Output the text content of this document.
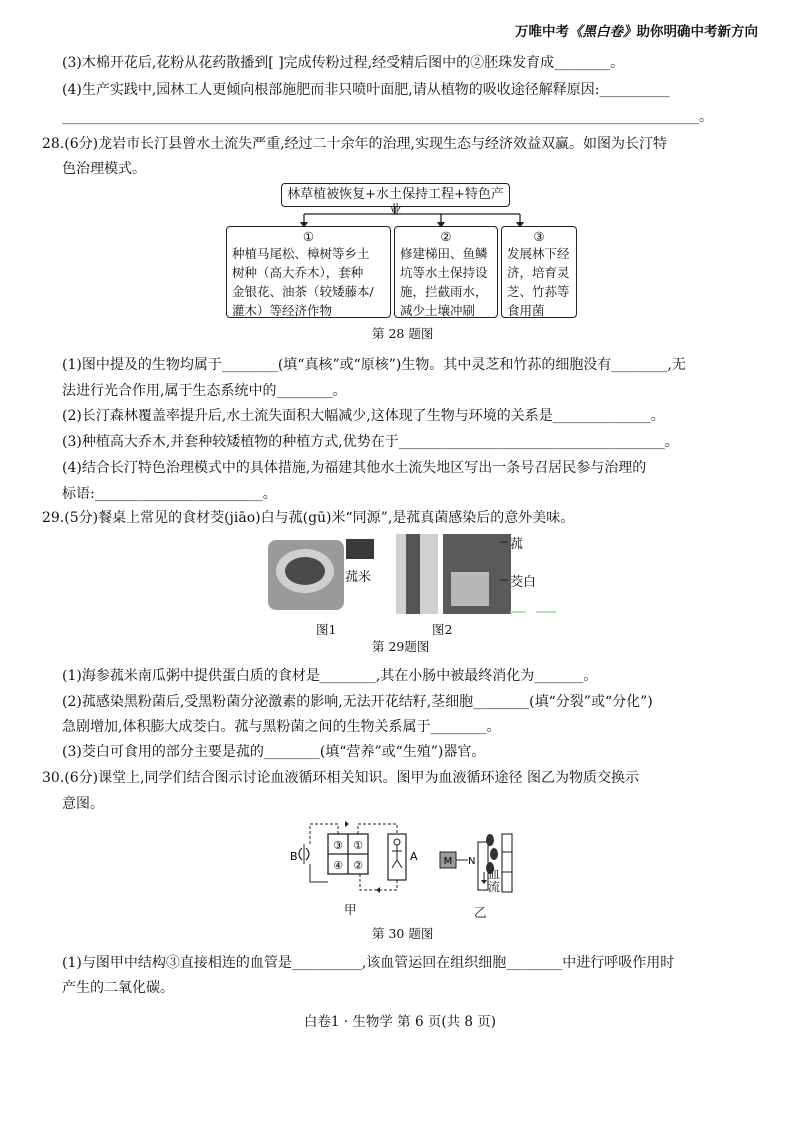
万唯中考《黑白卷》助你明确中考新方向
(3)木棉开花后,花粉从花药散播到[ ]完成传粉过程,经受精后图中的②胚珠发育成________。
(4)生产实践中,园林工人更倾向根部施肥而非只喷叶面肥,请从植物的吸收途径解释原因:__________
___________________________________________________________________________________________。
28.(6分)龙岩市长汀县曾水土流失严重,经过二十余年的治理,实现生态与经济效益双赢。如图为长汀特
色治理模式。
林草植被恢复+水土保持工程+特色产业
①
种植马尾松、樟树等乡土
树种（高大乔木），套种
金银花、油茶（较矮藤本/
灌木）等经济作物
②
修建梯田、鱼鳞
坑等水土保持设
施，拦截雨水，
减少土壤冲刷
③
发展林下经
济，培育灵
芝、竹荪等
食用菌
第 28 题图
(1)图中提及的生物均属于________(填“真核”或“原核”)生物。其中灵芝和竹荪的细胞没有________,无
法进行光合作用,属于生态系统中的________。
(2)长汀森林覆盖率提升后,水土流失面积大幅减少,这体现了生物与环境的关系是______________。
(3)种植高大乔木,并套种较矮植物的种植方式,优势在于______________________________________。
(4)结合长汀特色治理模式中的具体措施,为福建其他水土流失地区写出一条号召居民参与治理的
标语:________________________。
29.(5分)餐桌上常见的食材茭(jiāo)白与菰(gū)米“同源”,是菰真菌感染后的意外美味。
菰米
菰
茭白
图1	图2
第 29题图
(1)海参菰米南瓜粥中提供蛋白质的食材是________,其在小肠中被最终消化为_______。
(2)菰感染黑粉菌后,受黑粉菌分泌激素的影响,无法开花结籽,茎细胞________(填“分裂”或“分化”)
急剧增加,体积膨大成茭白。菰与黑粉菌之间的生物关系属于________。
(3)茭白可食用的部分主要是菰的________(填“营养”或“生殖”)器官。
30.(6分)课堂上,同学们结合图示讨论血液循环相关知识。图甲为血液循环途径 图乙为物质交换示
意图。
③ ①
④ ②
B	A
甲
M N
血
流
乙
第 30 题图
(1)与图甲中结构③直接相连的血管是__________,该血管运回在组织细胞________中进行呼吸作用时
产生的二氧化碳。
白卷1 · 生物学 第 6 页(共 8 页)
